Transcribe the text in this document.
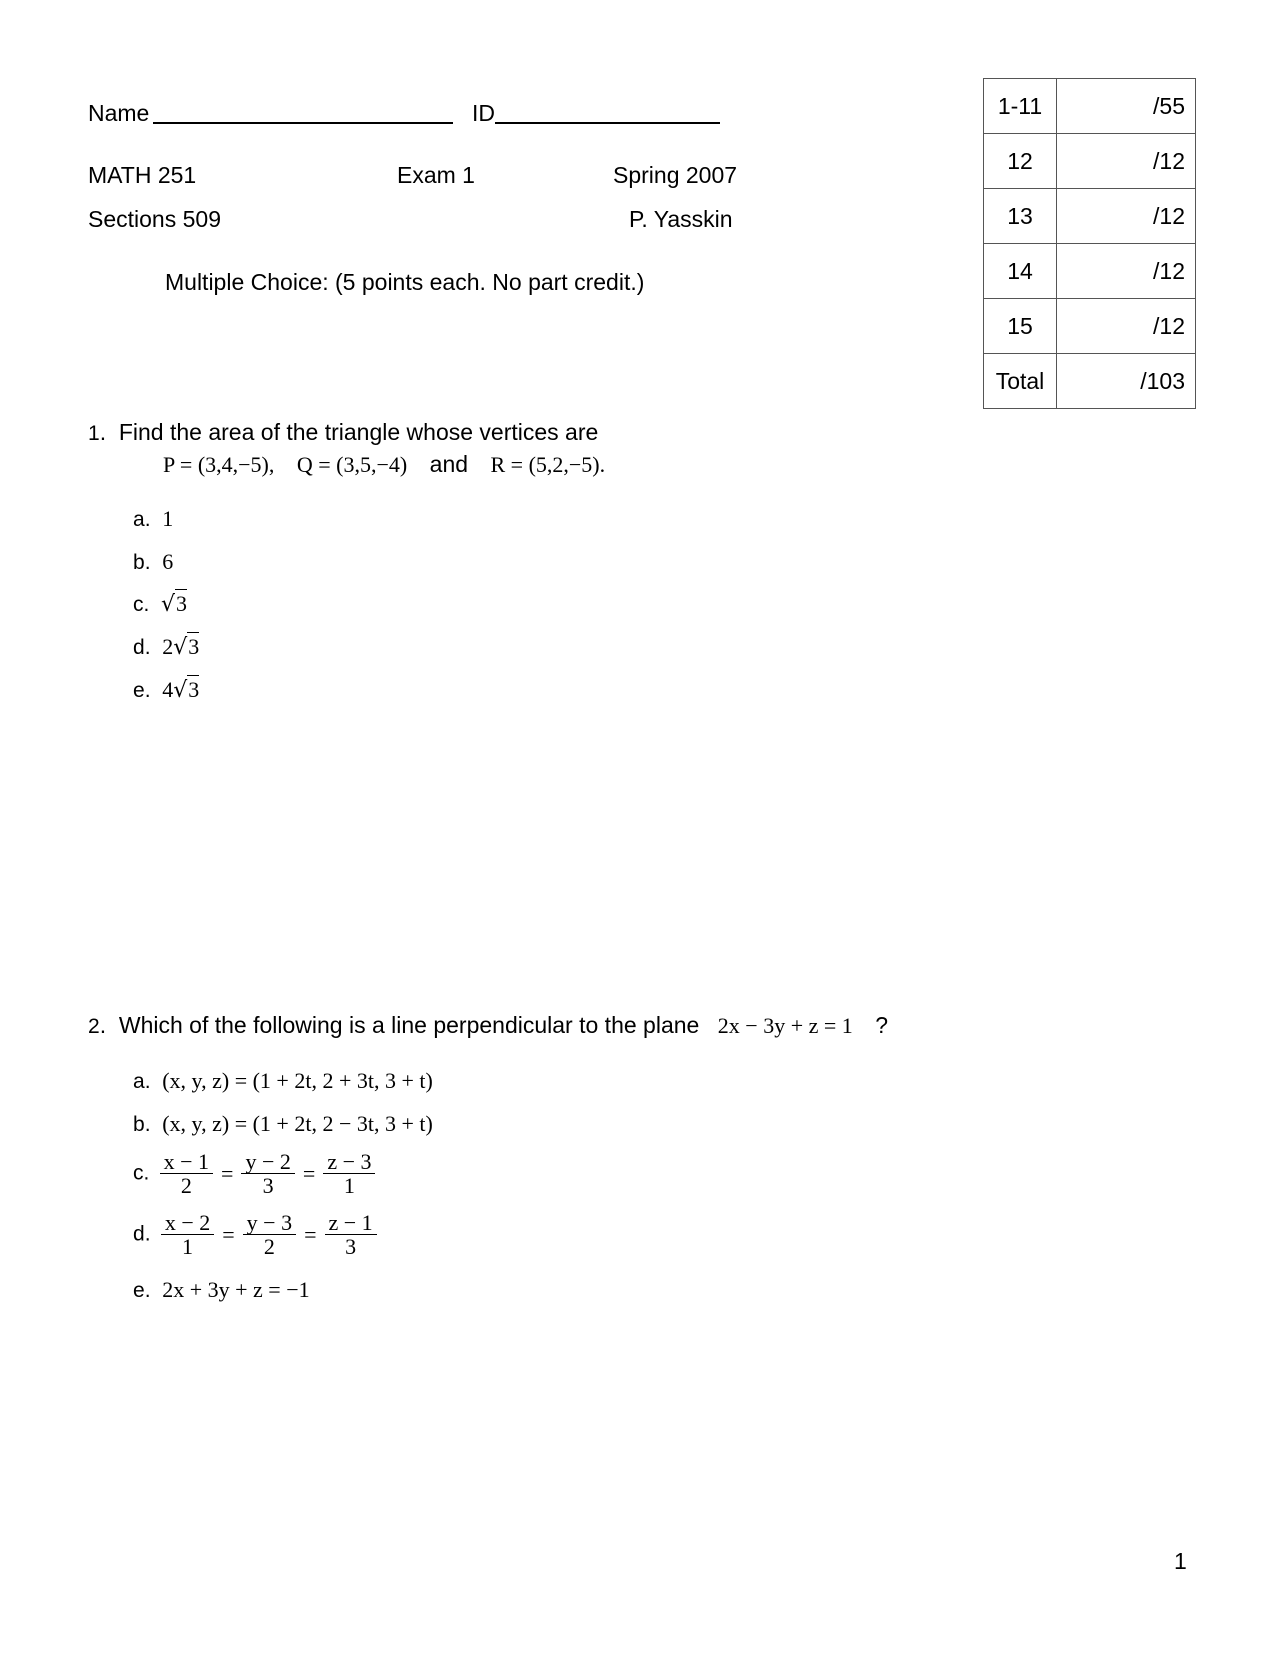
Name	ID
MATH 251	Exam 1	Spring 2007
Sections 509	P. Yasskin
Multiple Choice: (5 points each. No part credit.)
1-11	/55
12	/12
13	/12
14	/12
15	/12
Total	/103
1.  Find the area of the triangle whose vertices are
P = (3,4,−5), Q = (3,5,−4) and R = (5,2,−5).
a.  1
b.  6
c.  √3
d.  2√3
e.  4√3
2.  Which of the following is a line perpendicular to the plane 2x − 3y + z = 1 ?
a.  (x, y, z) = (1 + 2t, 2 + 3t, 3 + t)
b.  (x, y, z) = (1 + 2t, 2 − 3t, 3 + t)
c. $\frac{x - 1}{2} = \frac{y - 2}{3} = \frac{z - 3}{1}$
d. $\frac{x - 2}{1} = \frac{y - 3}{2} = \frac{z - 1}{3}$
e.  2x + 3y + z = −1
1
